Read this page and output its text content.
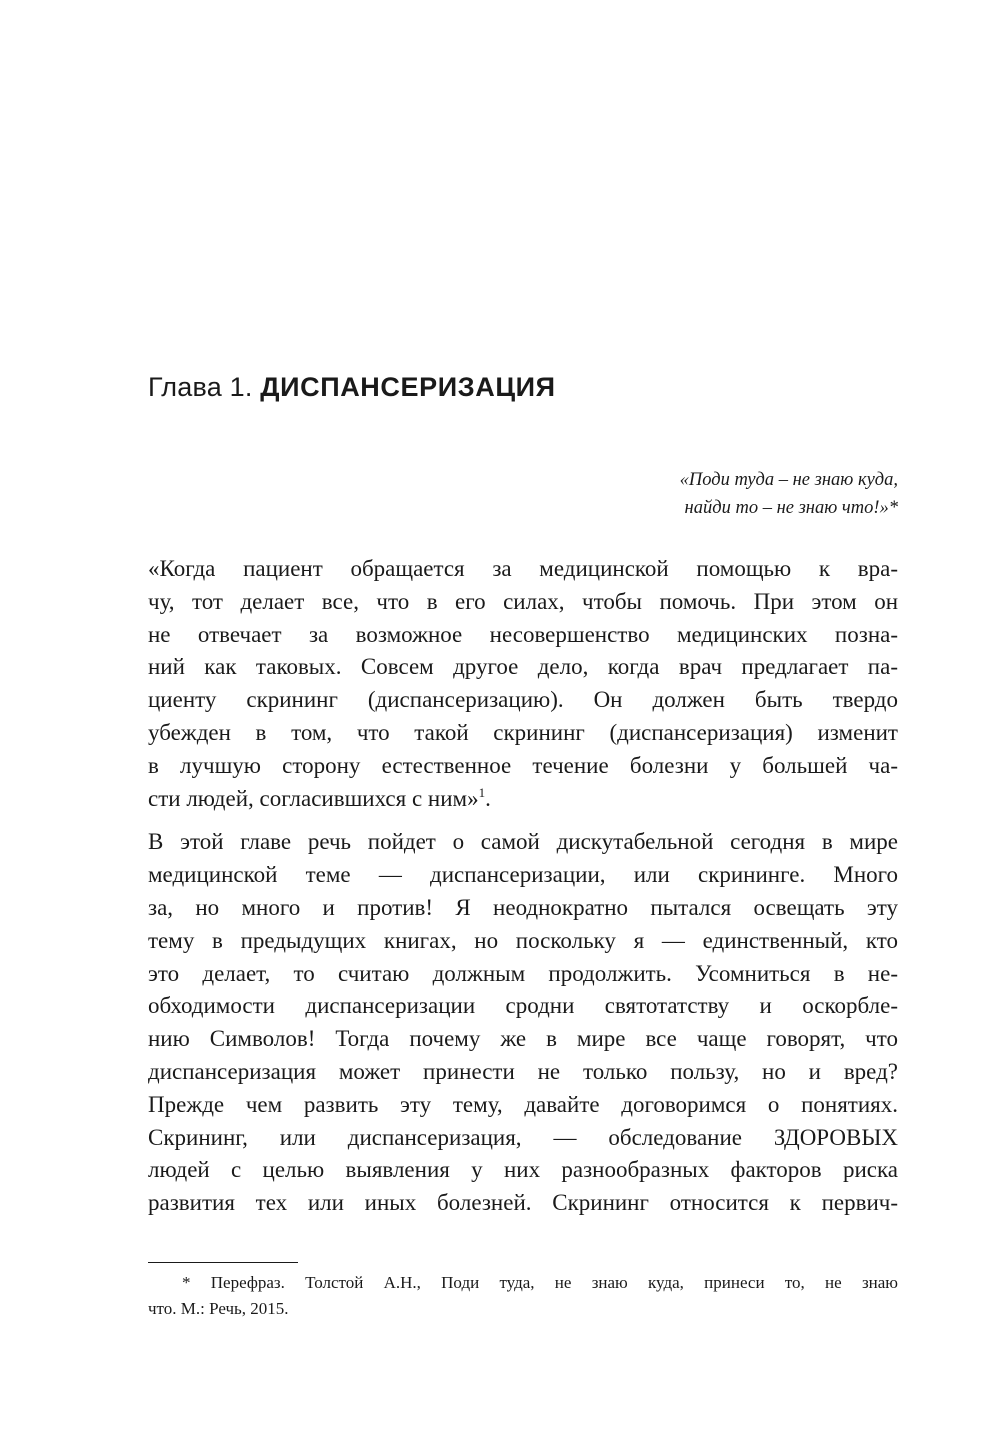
Глава 1. ДИСПАНСЕРИЗАЦИЯ
«Поди туда – не знаю куда,
найди то – не знаю что!»*

«Когда пациент обращается за медицинской помощью к вра-
чу, тот делает все, что в его силах, чтобы помочь. При этом он
не отвечает за возможное несовершенство медицинских позна-
ний как таковых. Совсем другое дело, когда врач предлагает па-
циенту скрининг (диспансеризацию). Он должен быть твердо
убежден в том, что такой скрининг (диспансеризация) изменит
в лучшую сторону естественное течение болезни у большей ча-
сти людей, согласившихся с ним»$^1$.

В этой главе речь пойдет о самой дискутабельной сегодня в мире
медицинской теме — диспансеризации, или скрининге. Много
за, но много и против! Я неоднократно пытался освещать эту
тему в предыдущих книгах, но поскольку я — единственный, кто
это делает, то считаю должным продолжить. Усомниться в не-
обходимости диспансеризации сродни святотатству и оскорбле-
нию Символов! Тогда почему же в мире все чаще говорят, что
диспансеризация может принести не только пользу, но и вред?
Прежде чем развить эту тему, давайте договоримся о понятиях.
Скрининг, или диспансеризация, — обследование ЗДОРОВЫХ
людей с целью выявления у них разнообразных факторов риска
развития тех или иных болезней. Скрининг относится к первич-

* Перефраз. Толстой А.Н., Поди туда, не знаю куда, принеси то, не знаю
что. М.: Речь, 2015.
